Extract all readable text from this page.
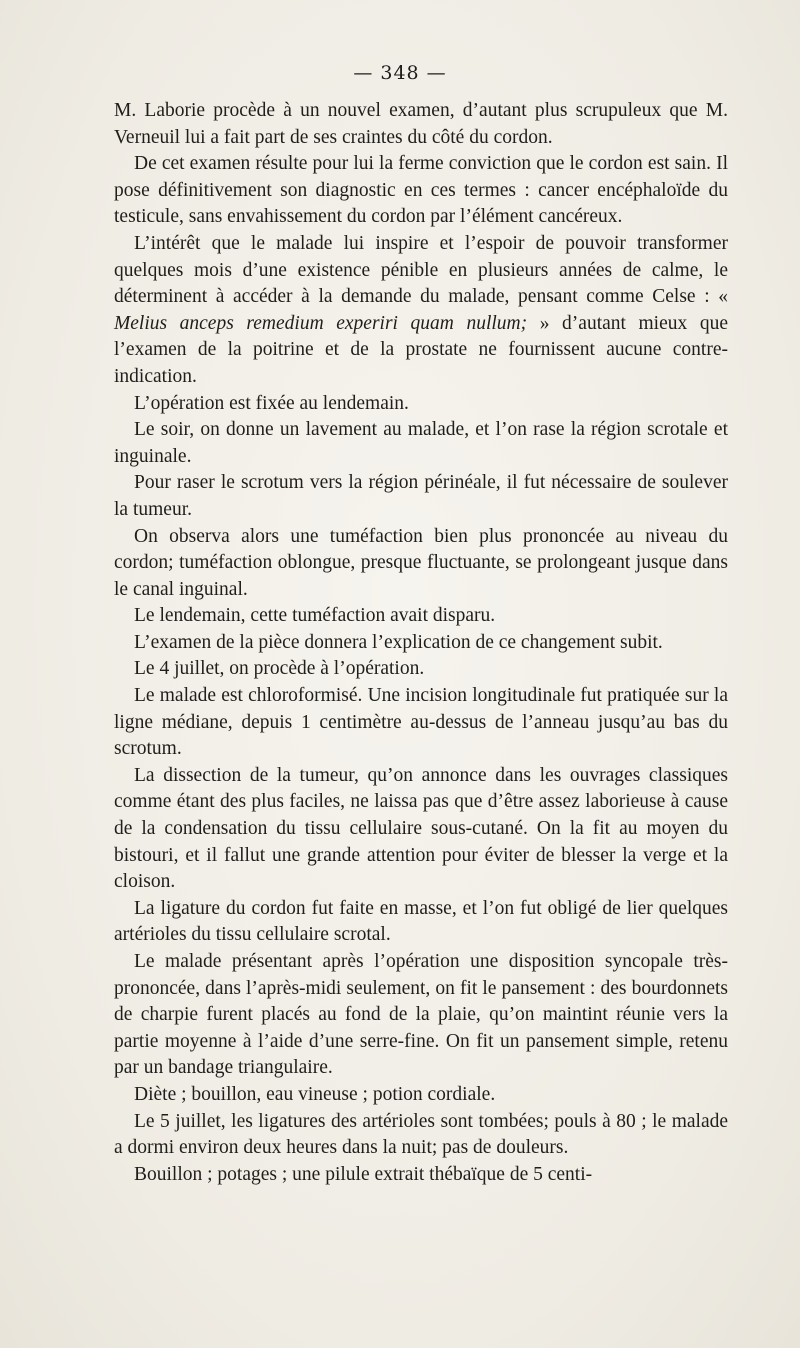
— 348 —

M. Laborie procède à un nouvel examen, d’autant plus scrupuleux que M. Verneuil lui a fait part de ses craintes du côté du cordon.

De cet examen résulte pour lui la ferme conviction que le cordon est sain. Il pose définitivement son diagnostic en ces termes : cancer encéphaloïde du testicule, sans envahissement du cordon par l’élément cancéreux.

L’intérêt que le malade lui inspire et l’espoir de pouvoir transformer quelques mois d’une existence pénible en plusieurs années de calme, le déterminent à accéder à la demande du malade, pensant comme Celse : « Melius anceps remedium experiri quam nullum; » d’autant mieux que l’examen de la poitrine et de la prostate ne fournissent aucune contre-indication.

L’opération est fixée au lendemain.

Le soir, on donne un lavement au malade, et l’on rase la région scrotale et inguinale.

Pour raser le scrotum vers la région périnéale, il fut nécessaire de soulever la tumeur.

On observa alors une tuméfaction bien plus prononcée au niveau du cordon; tuméfaction oblongue, presque fluctuante, se prolongeant jusque dans le canal inguinal.

Le lendemain, cette tuméfaction avait disparu.

L’examen de la pièce donnera l’explication de ce changement subit.

Le 4 juillet, on procède à l’opération.

Le malade est chloroformisé. Une incision longitudinale fut pratiquée sur la ligne médiane, depuis 1 centimètre au-dessus de l’anneau jusqu’au bas du scrotum.

La dissection de la tumeur, qu’on annonce dans les ouvrages classiques comme étant des plus faciles, ne laissa pas que d’être assez laborieuse à cause de la condensation du tissu cellulaire sous-cutané. On la fit au moyen du bistouri, et il fallut une grande attention pour éviter de blesser la verge et la cloison.

La ligature du cordon fut faite en masse, et l’on fut obligé de lier quelques artérioles du tissu cellulaire scrotal.

Le malade présentant après l’opération une disposition syncopale très-prononcée, dans l’après-midi seulement, on fit le pansement : des bourdonnets de charpie furent placés au fond de la plaie, qu’on maintint réunie vers la partie moyenne à l’aide d’une serre-fine. On fit un pansement simple, retenu par un bandage triangulaire.

Diète ; bouillon, eau vineuse ; potion cordiale.

Le 5 juillet, les ligatures des artérioles sont tombées; pouls à 80 ; le malade a dormi environ deux heures dans la nuit; pas de douleurs.

Bouillon ; potages ; une pilule extrait thébaïque de 5 centi-
